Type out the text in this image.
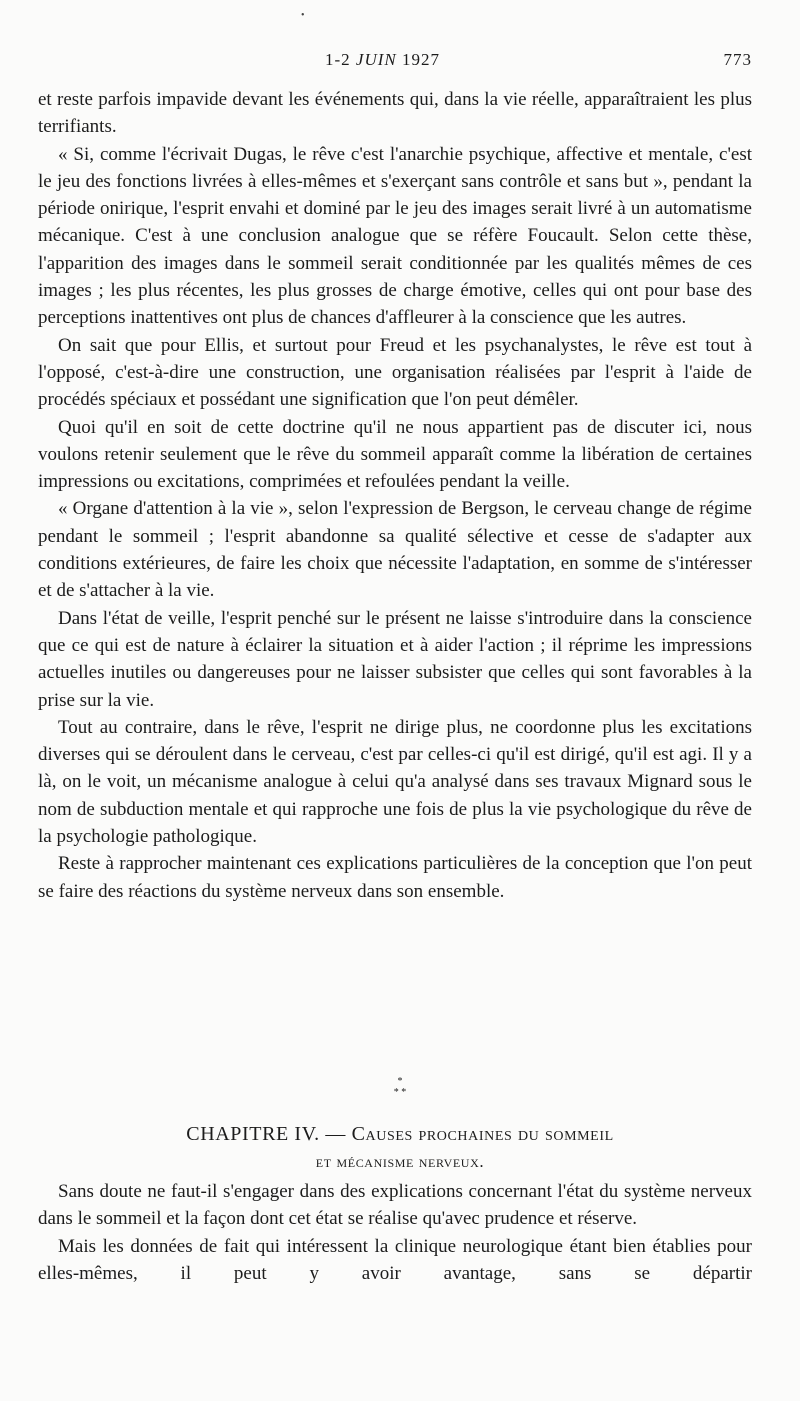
•
1-2 JUIN 1927	773

et reste parfois impavide devant les événements qui, dans la vie réelle, apparaîtraient les plus terrifiants.

« Si, comme l'écrivait Dugas, le rêve c'est l'anarchie psychique, affective et mentale, c'est le jeu des fonctions livrées à elles-mêmes et s'exerçant sans contrôle et sans but », pendant la période onirique, l'esprit envahi et dominé par le jeu des images serait livré à un automatisme mécanique. C'est à une conclusion analogue que se réfère Foucault. Selon cette thèse, l'apparition des images dans le sommeil serait conditionnée par les qualités mêmes de ces images ; les plus récentes, les plus grosses de charge émotive, celles qui ont pour base des perceptions inattentives ont plus de chances d'affleurer à la conscience que les autres.

On sait que pour Ellis, et surtout pour Freud et les psychanalystes, le rêve est tout à l'opposé, c'est-à-dire une construction, une organisation réalisées par l'esprit à l'aide de procédés spéciaux et possédant une signification que l'on peut démêler.

Quoi qu'il en soit de cette doctrine qu'il ne nous appartient pas de discuter ici, nous voulons retenir seulement que le rêve du sommeil apparaît comme la libération de certaines impressions ou excitations, comprimées et refoulées pendant la veille.

« Organe d'attention à la vie », selon l'expression de Bergson, le cerveau change de régime pendant le sommeil ; l'esprit abandonne sa qualité sélective et cesse de s'adapter aux conditions extérieures, de faire les choix que nécessite l'adaptation, en somme de s'intéresser et de s'attacher à la vie.

Dans l'état de veille, l'esprit penché sur le présent ne laisse s'introduire dans la conscience que ce qui est de nature à éclairer la situation et à aider l'action ; il réprime les impressions actuelles inutiles ou dangereuses pour ne laisser subsister que celles qui sont favorables à la prise sur la vie.

Tout au contraire, dans le rêve, l'esprit ne dirige plus, ne coordonne plus les excitations diverses qui se déroulent dans le cerveau, c'est par celles-ci qu'il est dirigé, qu'il est agi. Il y a là, on le voit, un mécanisme analogue à celui qu'a analysé dans ses travaux Mignard sous le nom de subduction mentale et qui rapproche une fois de plus la vie psychologique du rêve de la psychologie pathologique.

Reste à rapprocher maintenant ces explications particulières de la conception que l'on peut se faire des réactions du système nerveux dans son ensemble.

*
* *
CHAPITRE IV. — Causes prochaines du sommeil
et mécanisme nerveux.

Sans doute ne faut-il s'engager dans des explications concernant l'état du système nerveux dans le sommeil et la façon dont cet état se réalise qu'avec prudence et réserve.

Mais les données de fait qui intéressent la clinique neurologique étant bien établies pour elles-mêmes, il peut y avoir avantage, sans se départir
